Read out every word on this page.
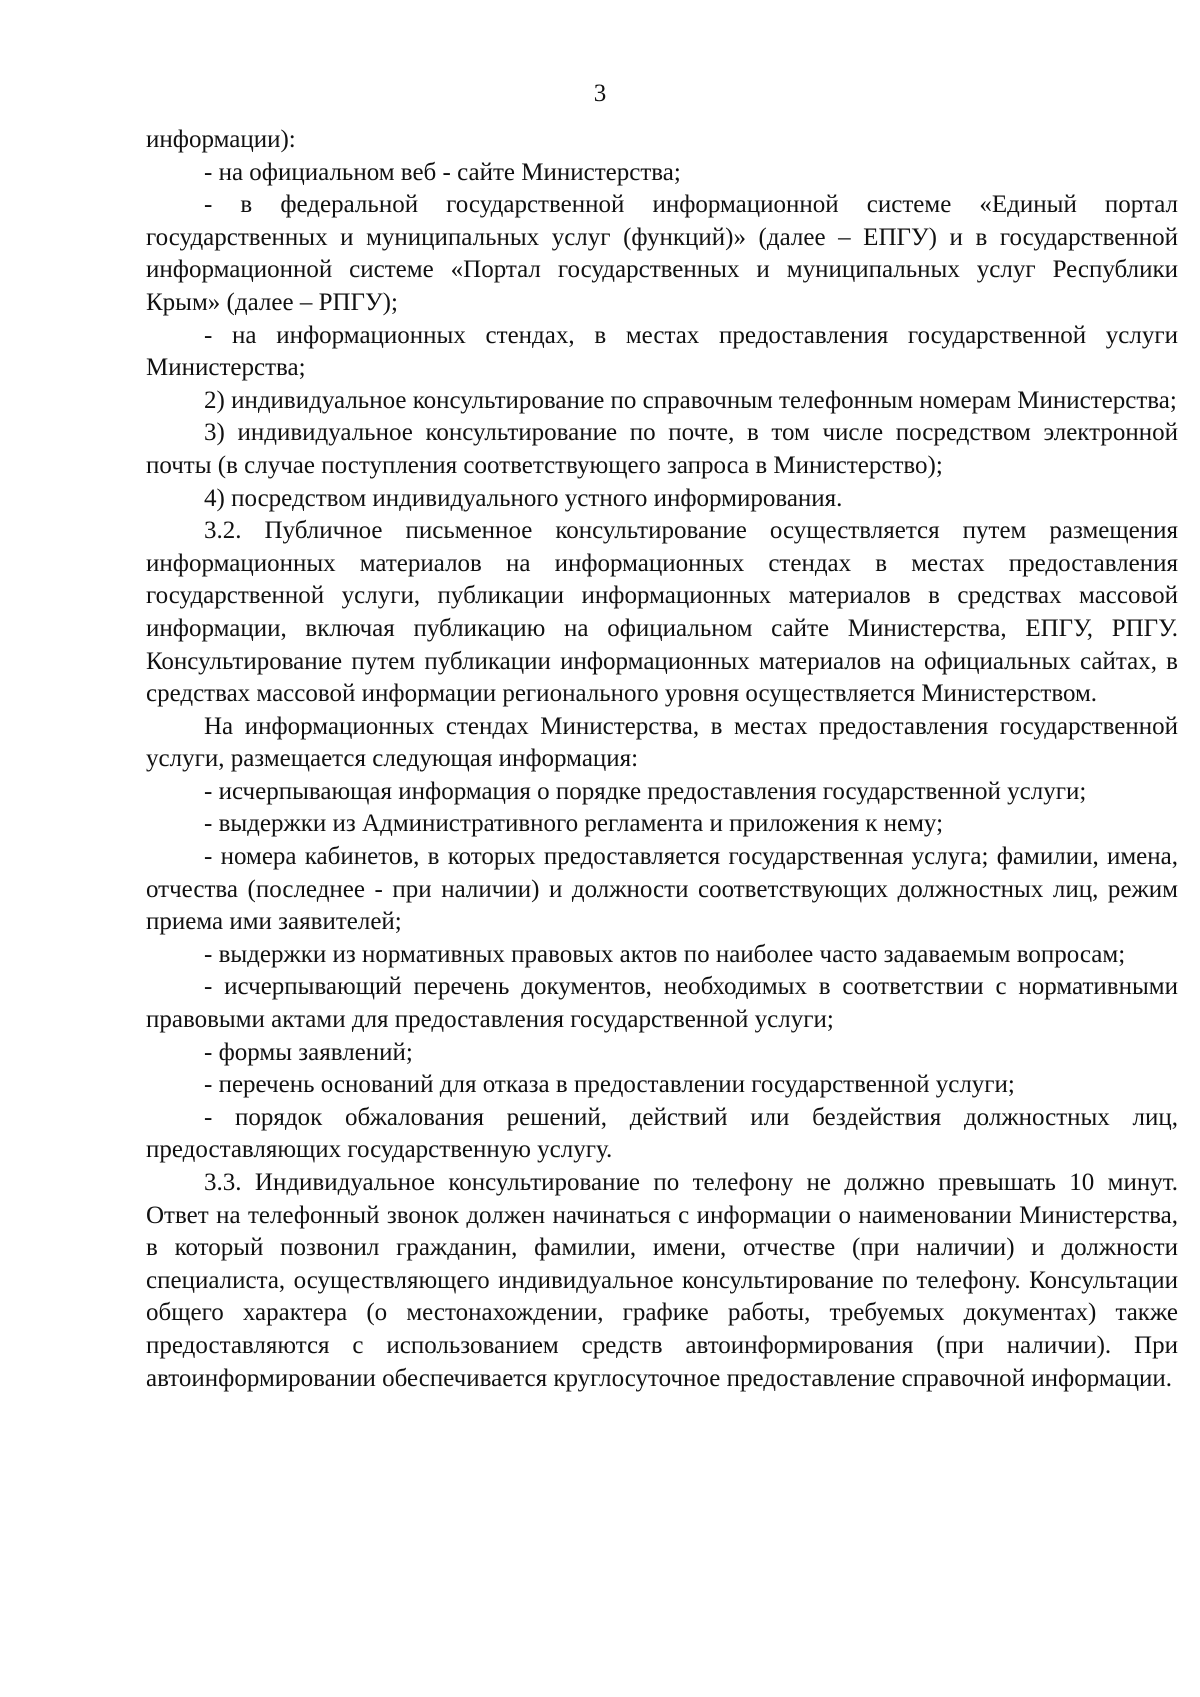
3

информации):

- на официальном веб - сайте Министерства;

- в федеральной государственной информационной системе «Единый портал государственных и муниципальных услуг (функций)» (далее – ЕПГУ) и в государственной информационной системе «Портал государственных и муниципальных услуг Республики Крым» (далее – РПГУ);

- на информационных стендах, в местах предоставления государственной услуги Министерства;

2) индивидуальное консультирование по справочным телефонным номерам Министерства;

3) индивидуальное консультирование по почте, в том числе посредством электронной почты (в случае поступления соответствующего запроса в Министерство);

4) посредством индивидуального устного информирования.

3.2. Публичное письменное консультирование осуществляется путем размещения информационных материалов на информационных стендах в местах предоставления государственной услуги, публикации информационных материалов в средствах массовой информации, включая публикацию на официальном сайте Министерства, ЕПГУ, РПГУ. Консультирование путем публикации информационных материалов на официальных сайтах, в средствах массовой информации регионального уровня осуществляется Министерством.

На информационных стендах Министерства, в местах предоставления государственной услуги, размещается следующая информация:

- исчерпывающая информация о порядке предоставления государственной услуги;

- выдержки из Административного регламента и приложения к нему;

- номера кабинетов, в которых предоставляется государственная услуга; фамилии, имена, отчества (последнее - при наличии) и должности соответствующих должностных лиц, режим приема ими заявителей;

- выдержки из нормативных правовых актов по наиболее часто задаваемым вопросам;

- исчерпывающий перечень документов, необходимых в соответствии с нормативными правовыми актами для предоставления государственной услуги;

- формы заявлений;

- перечень оснований для отказа в предоставлении государственной услуги;

- порядок обжалования решений, действий или бездействия должностных лиц, предоставляющих государственную услугу.

3.3. Индивидуальное консультирование по телефону не должно превышать 10 минут. Ответ на телефонный звонок должен начинаться с информации о наименовании Министерства, в который позвонил гражданин, фамилии, имени, отчестве (при наличии) и должности специалиста, осуществляющего индивидуальное консультирование по телефону. Консультации общего характера (о местонахождении, графике работы, требуемых документах) также предоставляются с использованием средств автоинформирования (при наличии). При автоинформировании обеспечивается круглосуточное предоставление справочной информации.
